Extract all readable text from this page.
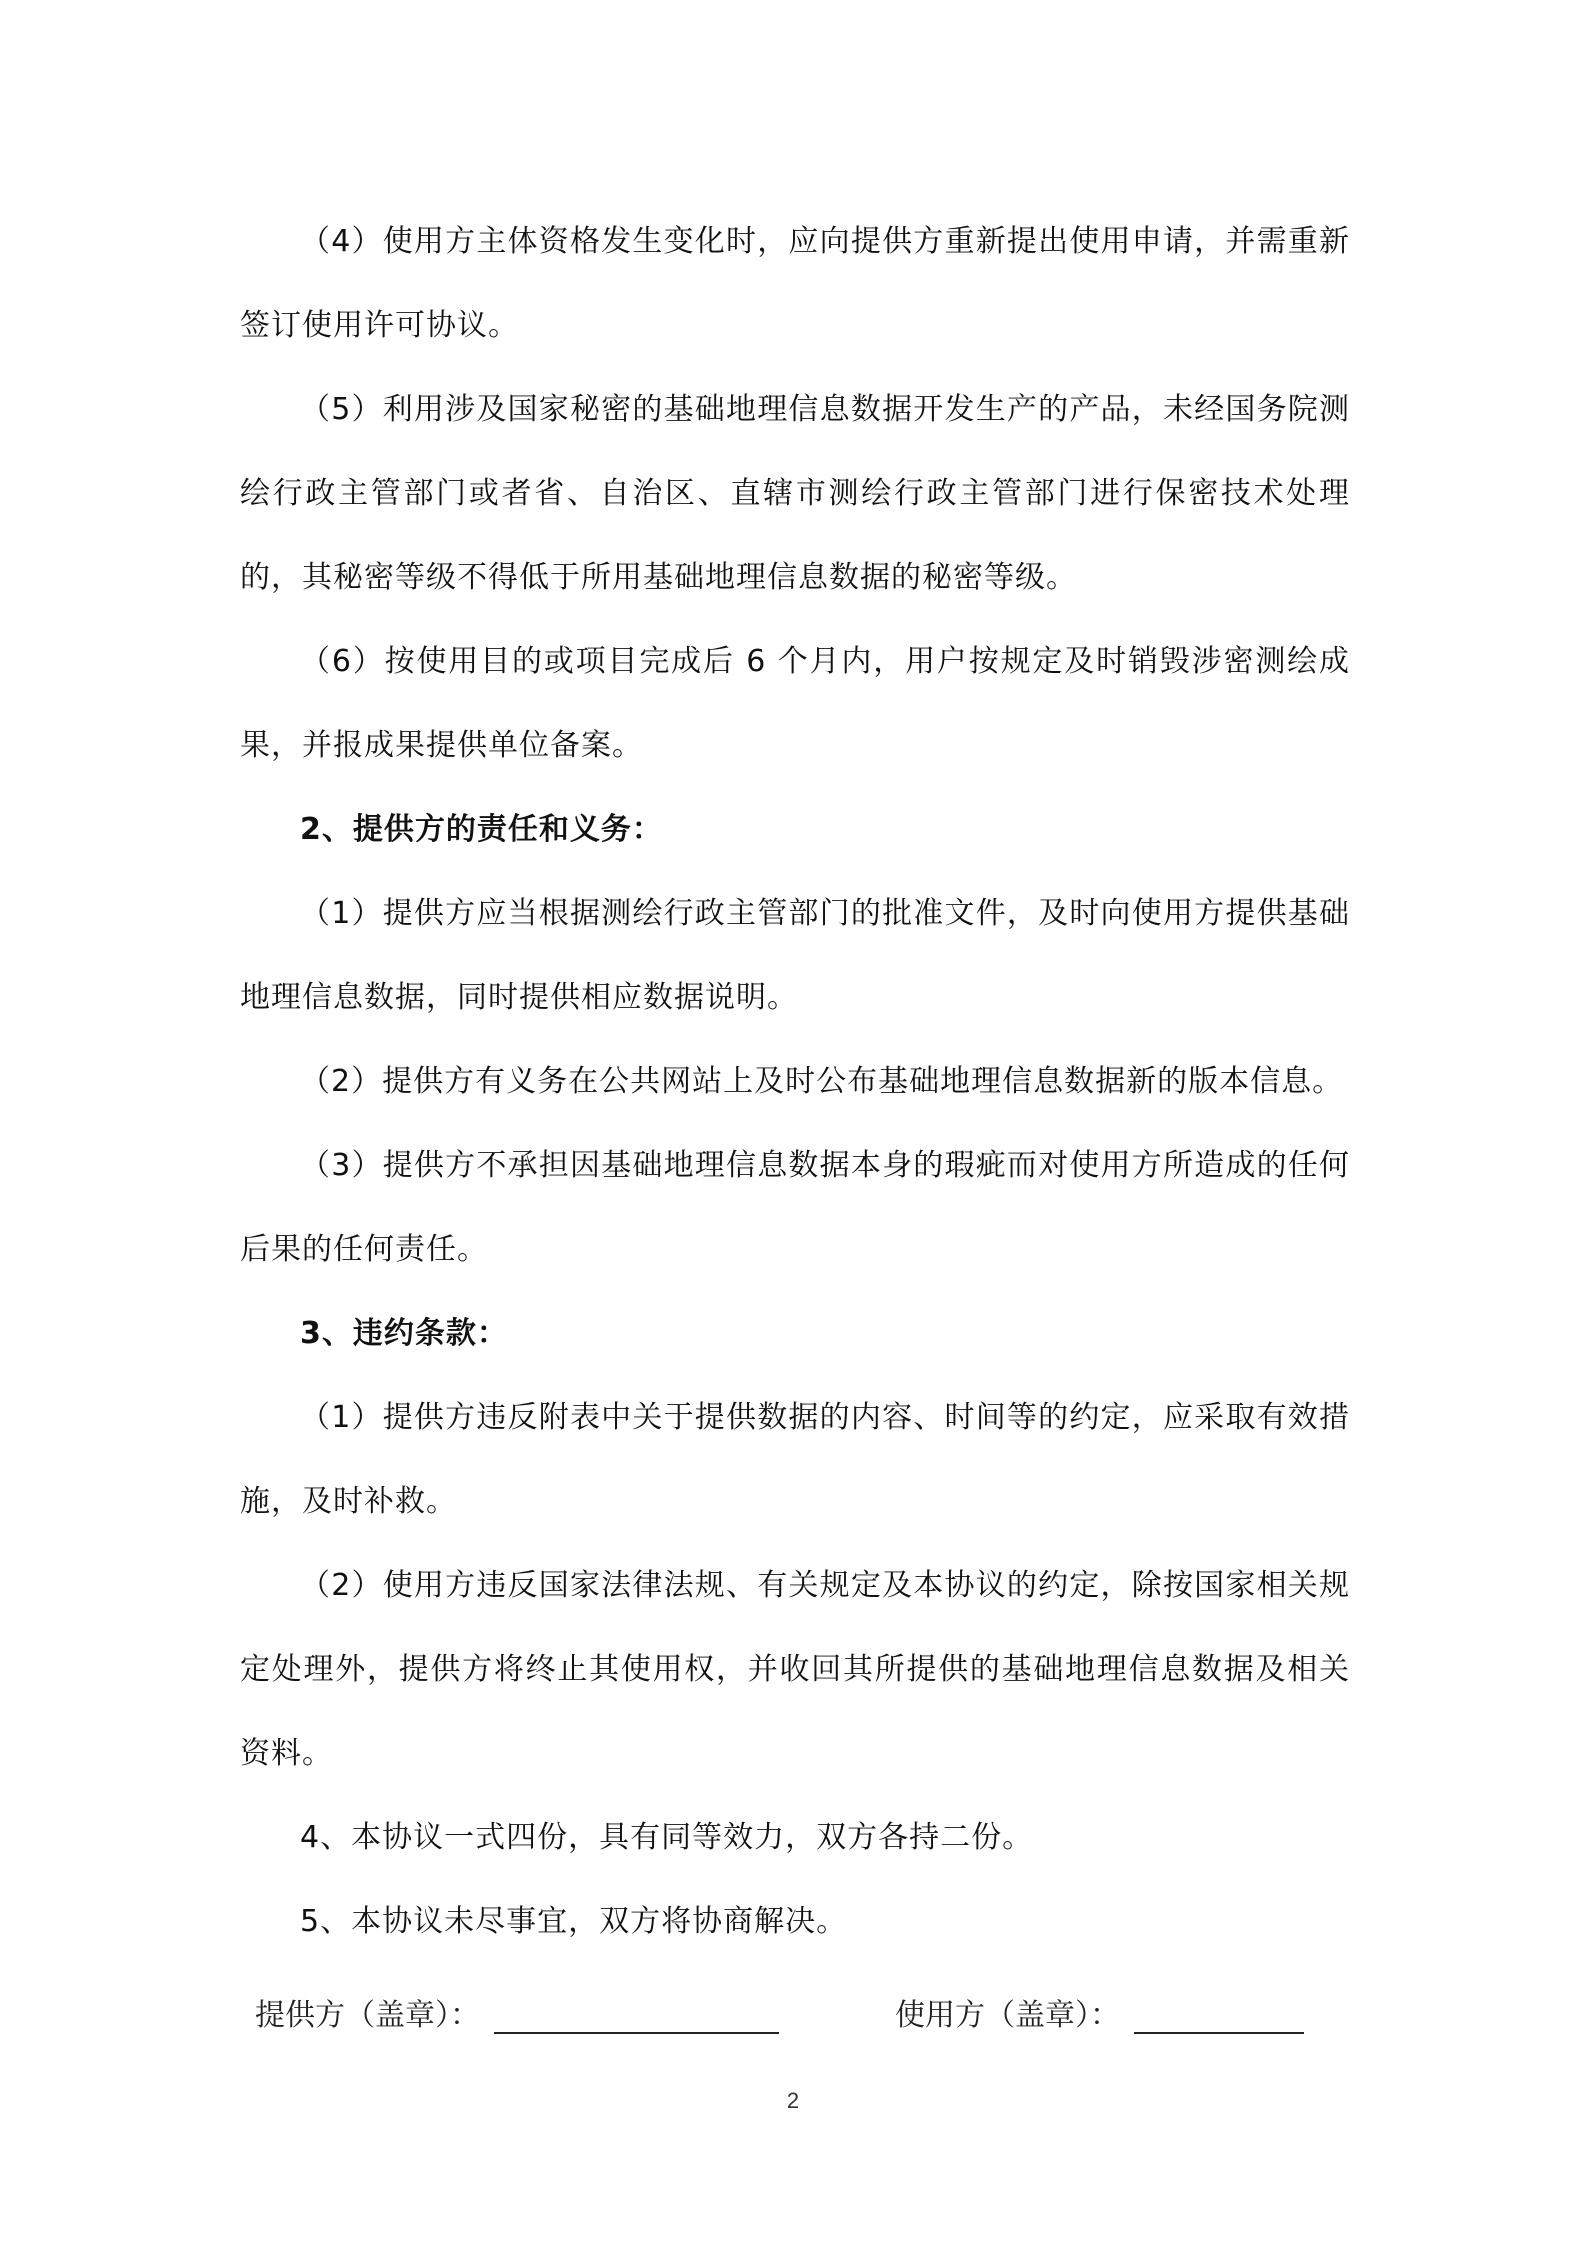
（4）使用方主体资格发生变化时，应向提供方重新提出使用申请，并需重新签订使用许可协议。

（5）利用涉及国家秘密的基础地理信息数据开发生产的产品，未经国务院测绘行政主管部门或者省、自治区、直辖市测绘行政主管部门进行保密技术处理的，其秘密等级不得低于所用基础地理信息数据的秘密等级。

（6）按使用目的或项目完成后 6 个月内，用户按规定及时销毁涉密测绘成果，并报成果提供单位备案。

2、提供方的责任和义务：

（1）提供方应当根据测绘行政主管部门的批准文件，及时向使用方提供基础地理信息数据，同时提供相应数据说明。

（2）提供方有义务在公共网站上及时公布基础地理信息数据新的版本信息。

（3）提供方不承担因基础地理信息数据本身的瑕疵而对使用方所造成的任何后果的任何责任。

3、违约条款：

（1）提供方违反附表中关于提供数据的内容、时间等的约定，应采取有效措施，及时补救。

（2）使用方违反国家法律法规、有关规定及本协议的约定，除按国家相关规定处理外，提供方将终止其使用权，并收回其所提供的基础地理信息数据及相关资料。

4、本协议一式四份，具有同等效力，双方各持二份。

5、本协议未尽事宜，双方将协商解决。

提供方（盖章）：	使用方（盖章）：
2
